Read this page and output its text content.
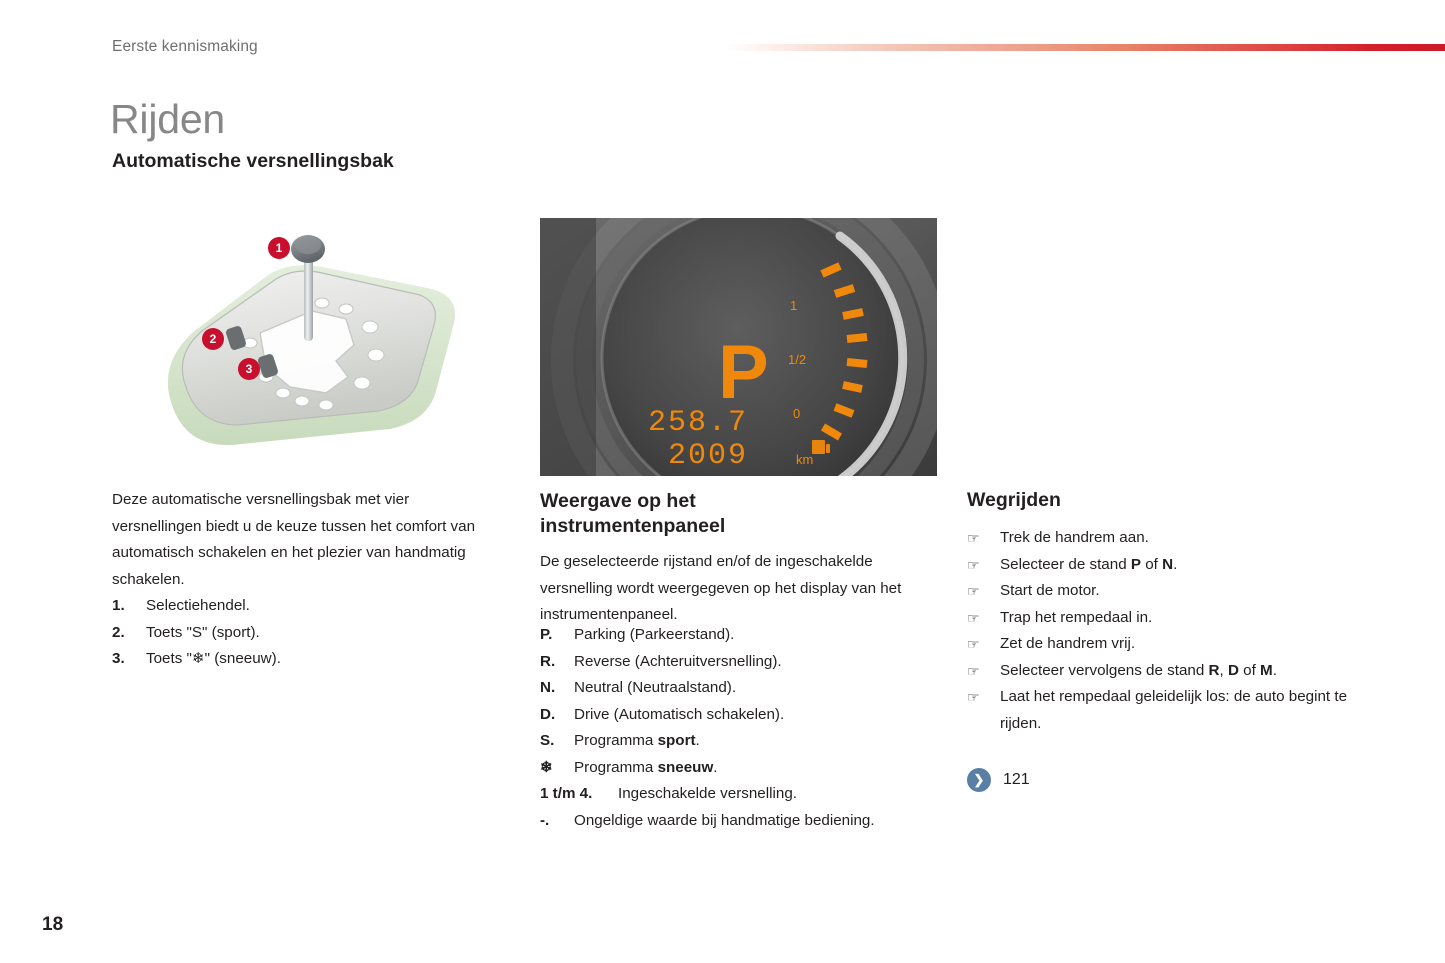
Eerste kennismaking
Rijden
Automatische versnellingsbak
1
2
3
Deze automatische versnellingsbak met vier versnellingen biedt u de keuze tussen het comfort van automatisch schakelen en het plezier van handmatig schakelen.
1.	Selectiehendel.
2.	Toets "S" (sport).
3.	Toets "❄" (sneeuw).
1
1/2
0
P
258.7
2009	km
Weergave op het instrumentenpaneel
De geselecteerde rijstand en/of de ingeschakelde versnelling wordt weergegeven op het display van het instrumentenpaneel.
P.	Parking (Parkeerstand).
R.	Reverse (Achteruitversnelling).
N.	Neutral (Neutraalstand).
D.	Drive (Automatisch schakelen).
S.	Programma sport.
❄	Programma sneeuw.
1 t/m 4.	Ingeschakelde versnelling.
-. Ongeldige waarde bij handmatige bediening.
Wegrijden
☞	Trek de handrem aan.
☞	Selecteer de stand P of N.
☞	Start de motor.
☞	Trap het rempedaal in.
☞	Zet de handrem vrij.
☞	Selecteer vervolgens de stand R, D of M.
☞	Laat het rempedaal geleidelijk los: de auto begint te rijden.
❯	121
18
